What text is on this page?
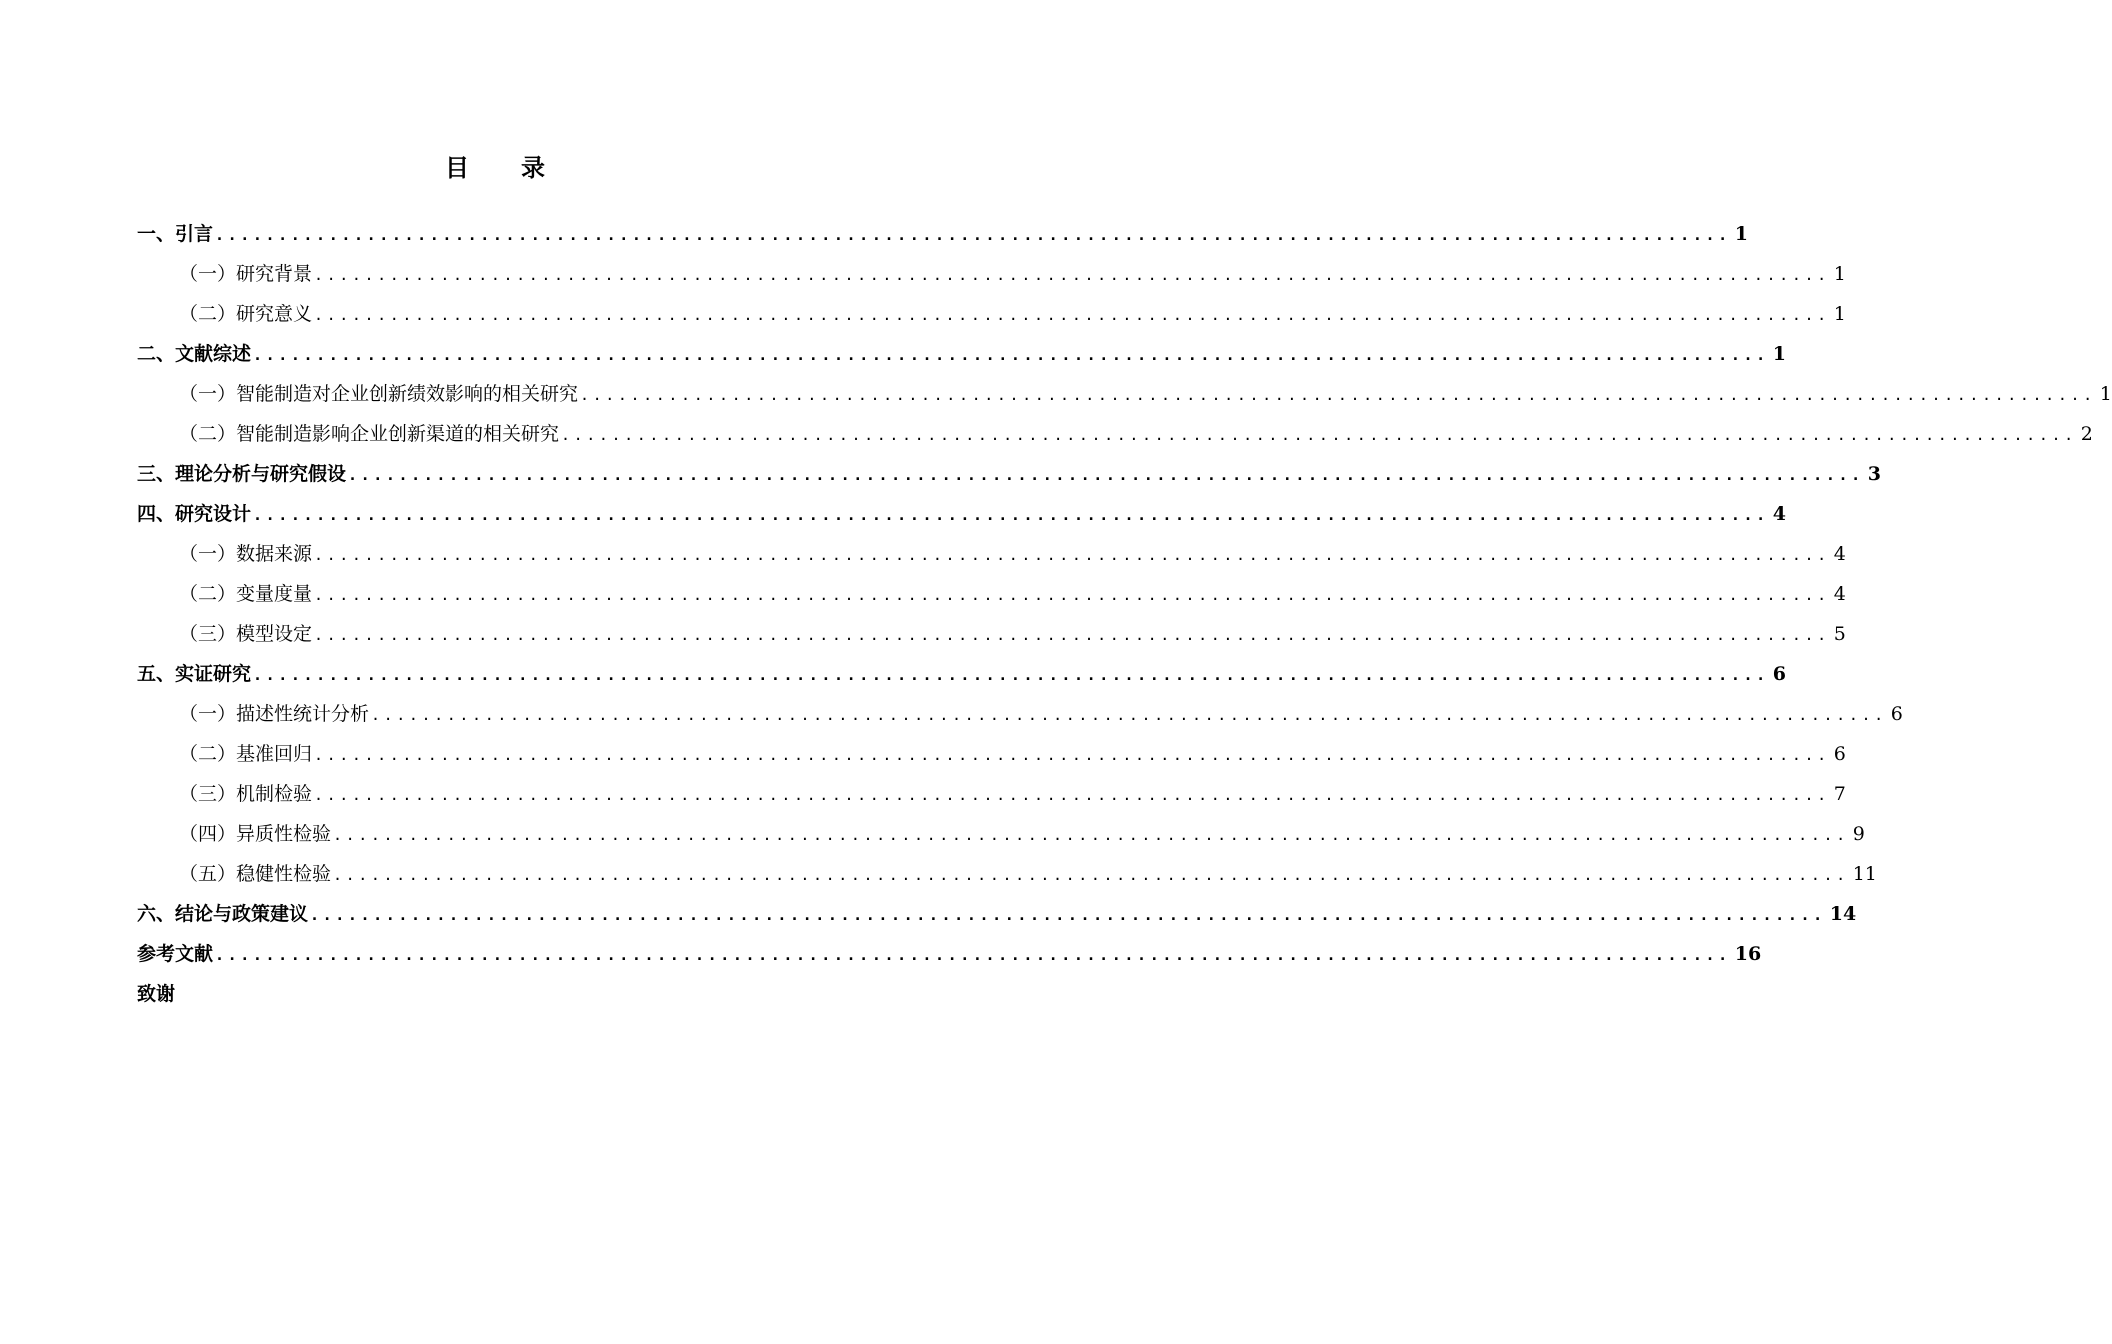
目 录
一、引言 ........................................................................................................................ 1
（一）研究背景 ........................................................................................................................ 1
（二）研究意义 ........................................................................................................................ 1
二、文献综述 ........................................................................................................................ 1
（一）智能制造对企业创新绩效影响的相关研究 ........................................................................................................................ 1
（二）智能制造影响企业创新渠道的相关研究 ........................................................................................................................ 2
三、理论分析与研究假设 ........................................................................................................................ 3
四、研究设计 ........................................................................................................................ 4
（一）数据来源 ........................................................................................................................ 4
（二）变量度量 ........................................................................................................................ 4
（三）模型设定 ........................................................................................................................ 5
五、实证研究 ........................................................................................................................ 6
（一）描述性统计分析 ........................................................................................................................ 6
（二）基准回归 ........................................................................................................................ 6
（三）机制检验 ........................................................................................................................ 7
（四）异质性检验 ........................................................................................................................ 9
（五）稳健性检验 ........................................................................................................................ 11
六、结论与政策建议 ........................................................................................................................ 14
参考文献 ........................................................................................................................ 16
致谢
